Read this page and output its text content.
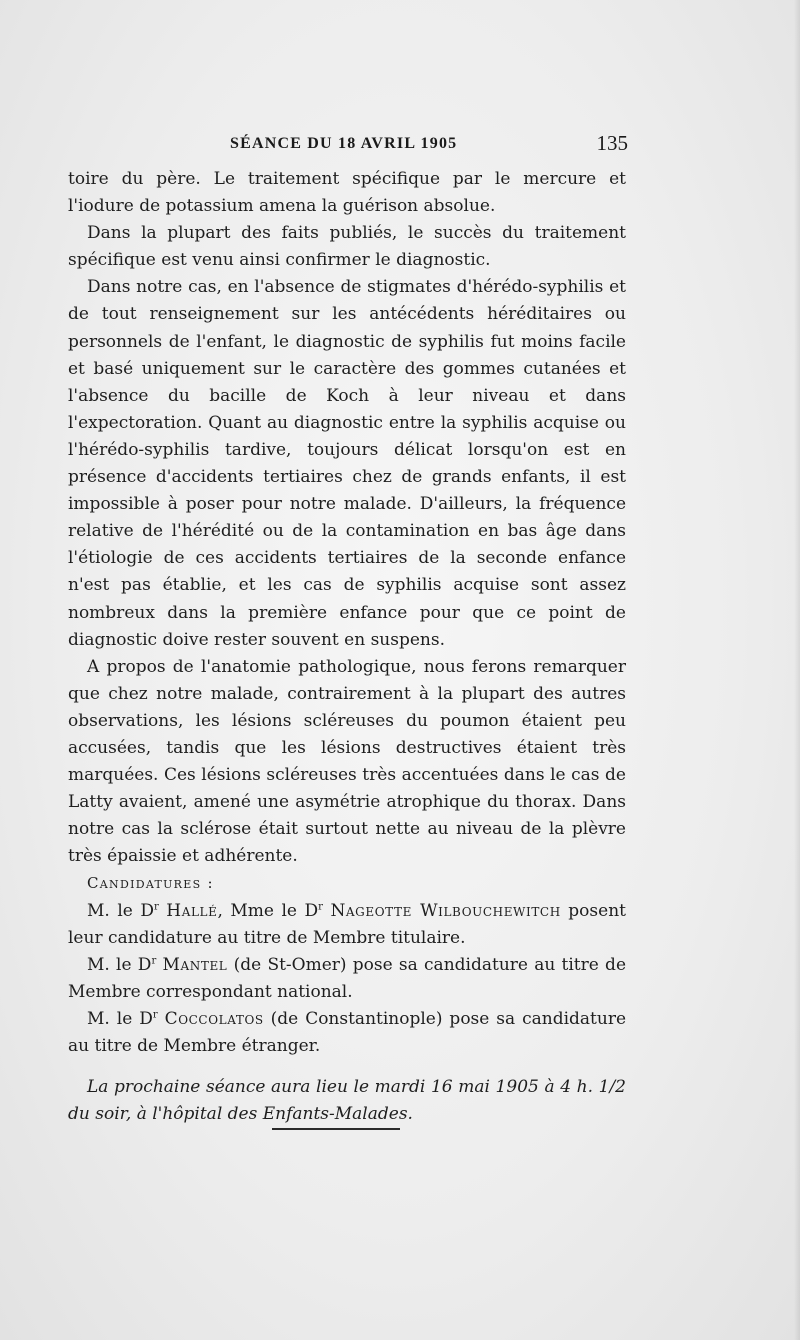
SÉANCE DU 18 AVRIL 1905	135

toire du père. Le traitement spécifique par le mercure et l'iodure de potassium amena la guérison absolue.

Dans la plupart des faits publiés, le succès du traitement spécifique est venu ainsi confirmer le diagnostic.

Dans notre cas, en l'absence de stigmates d'hérédo-syphilis et de tout renseignement sur les antécédents héréditaires ou personnels de l'enfant, le diagnostic de syphilis fut moins facile et basé uniquement sur le caractère des gommes cutanées et l'absence du bacille de Koch à leur niveau et dans l'expectoration. Quant au diagnostic entre la syphilis acquise ou l'hérédo-syphilis tardive, toujours délicat lorsqu'on est en présence d'accidents tertiaires chez de grands enfants, il est impossible à poser pour notre malade. D'ailleurs, la fréquence relative de l'hérédité ou de la contamination en bas âge dans l'étiologie de ces accidents tertiaires de la seconde enfance n'est pas établie, et les cas de syphilis acquise sont assez nombreux dans la première enfance pour que ce point de diagnostic doive rester souvent en suspens.

A propos de l'anatomie pathologique, nous ferons remarquer que chez notre malade, contrairement à la plupart des autres observations, les lésions scléreuses du poumon étaient peu accusées, tandis que les lésions destructives étaient très marquées. Ces lésions scléreuses très accentuées dans le cas de Latty avaient, amené une asymétrie atrophique du thorax. Dans notre cas la sclérose était surtout nette au niveau de la plèvre très épaissie et adhérente.

Candidatures :

M. le $D^r$ Hallé, Mme le $D^r$ Nageotte Wilbouchewitch posent leur candidature au titre de Membre titulaire.

M. le $D^r$ Mantel (de St-Omer) pose sa candidature au titre de Membre correspondant national.

M. le $D^r$ Coccolatos (de Constantinople) pose sa candidature au titre de Membre étranger.

La prochaine séance aura lieu le mardi 16 mai 1905 à 4 h. 1/2 du soir, à l'hôpital des Enfants-Malades.
